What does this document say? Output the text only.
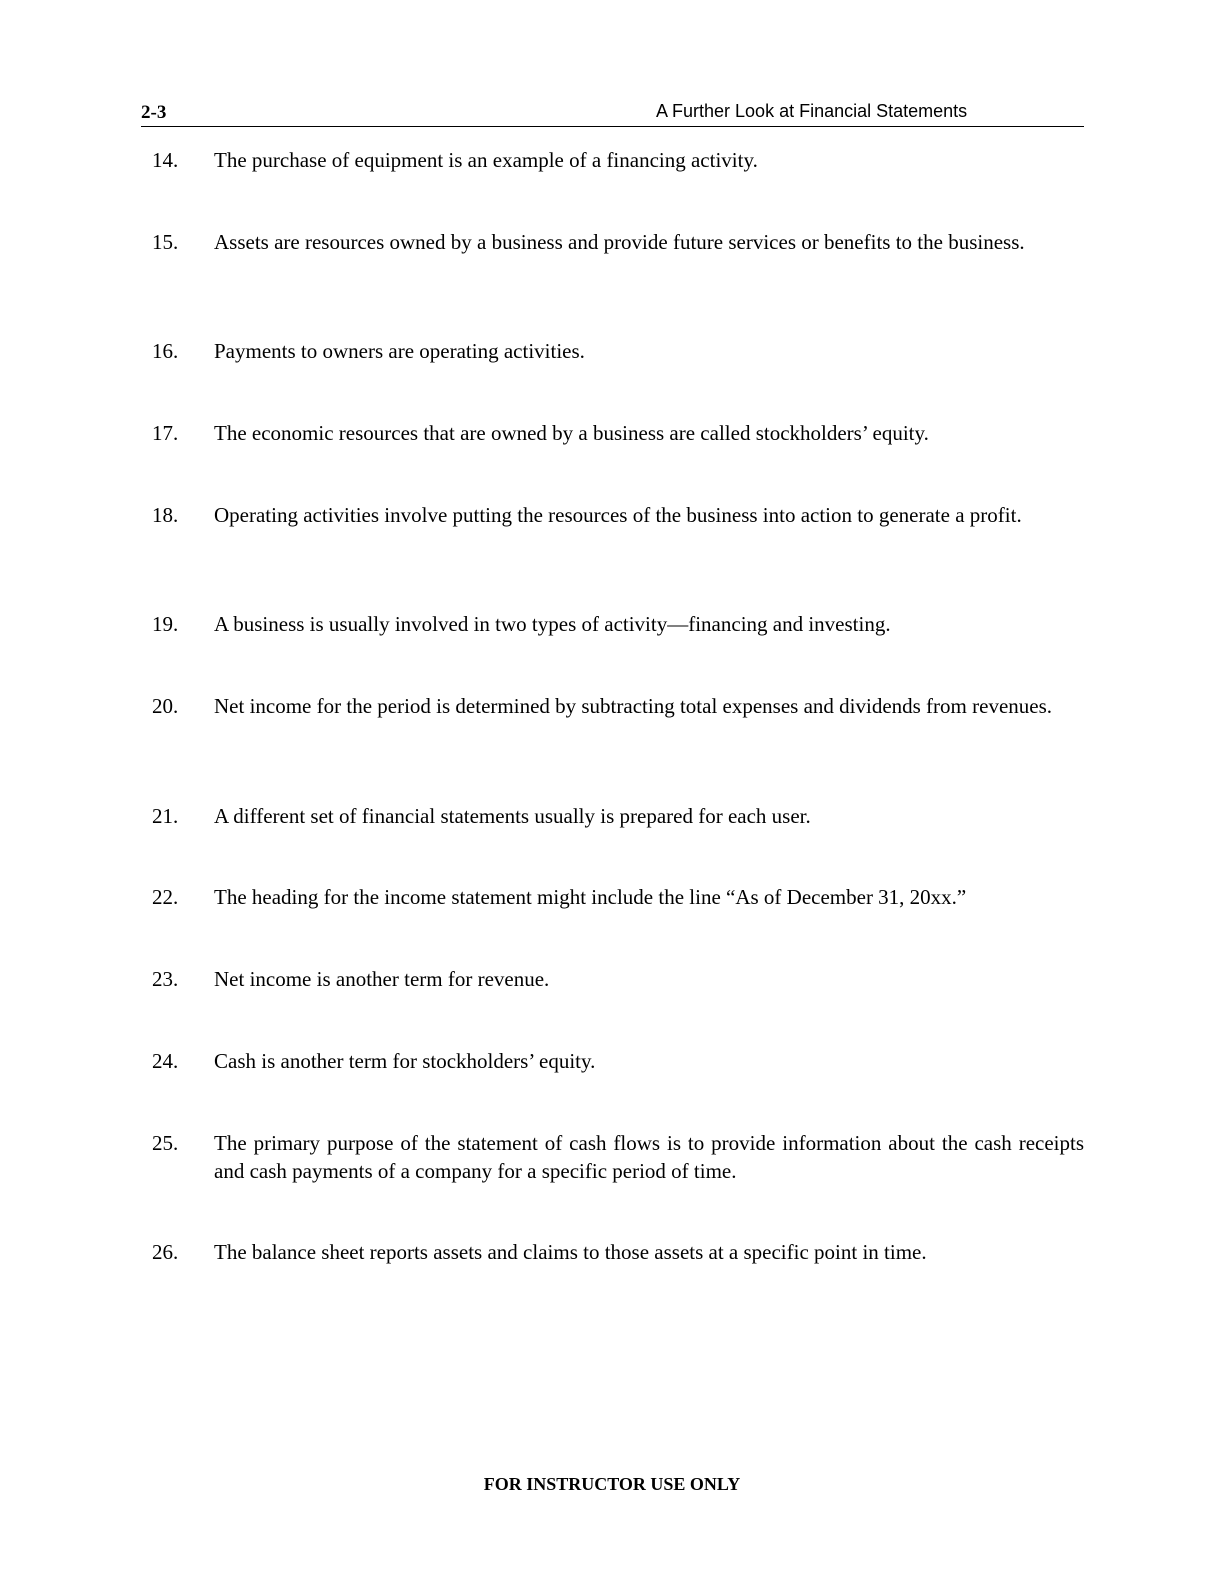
2-3	A Further Look at Financial Statements
14.	The purchase of equipment is an example of a financing activity.
15.	Assets are resources owned by a business and provide future services or benefits to the business.
16.	Payments to owners are operating activities.
17.	The economic resources that are owned by a business are called stockholders’ equity.
18.	Operating activities involve putting the resources of the business into action to generate a profit.
19.	A business is usually involved in two types of activity—financing and investing.
20.	Net income for the period is determined by subtracting total expenses and dividends from revenues.
21.	A different set of financial statements usually is prepared for each user.
22.	The heading for the income statement might include the line “As of December 31, 20xx.”
23.	Net income is another term for revenue.
24.	Cash is another term for stockholders’ equity.
25.	The primary purpose of the statement of cash flows is to provide information about the cash receipts and cash payments of a company for a specific period of time.
26.	The balance sheet reports assets and claims to those assets at a specific point in time.
FOR INSTRUCTOR USE ONLY
